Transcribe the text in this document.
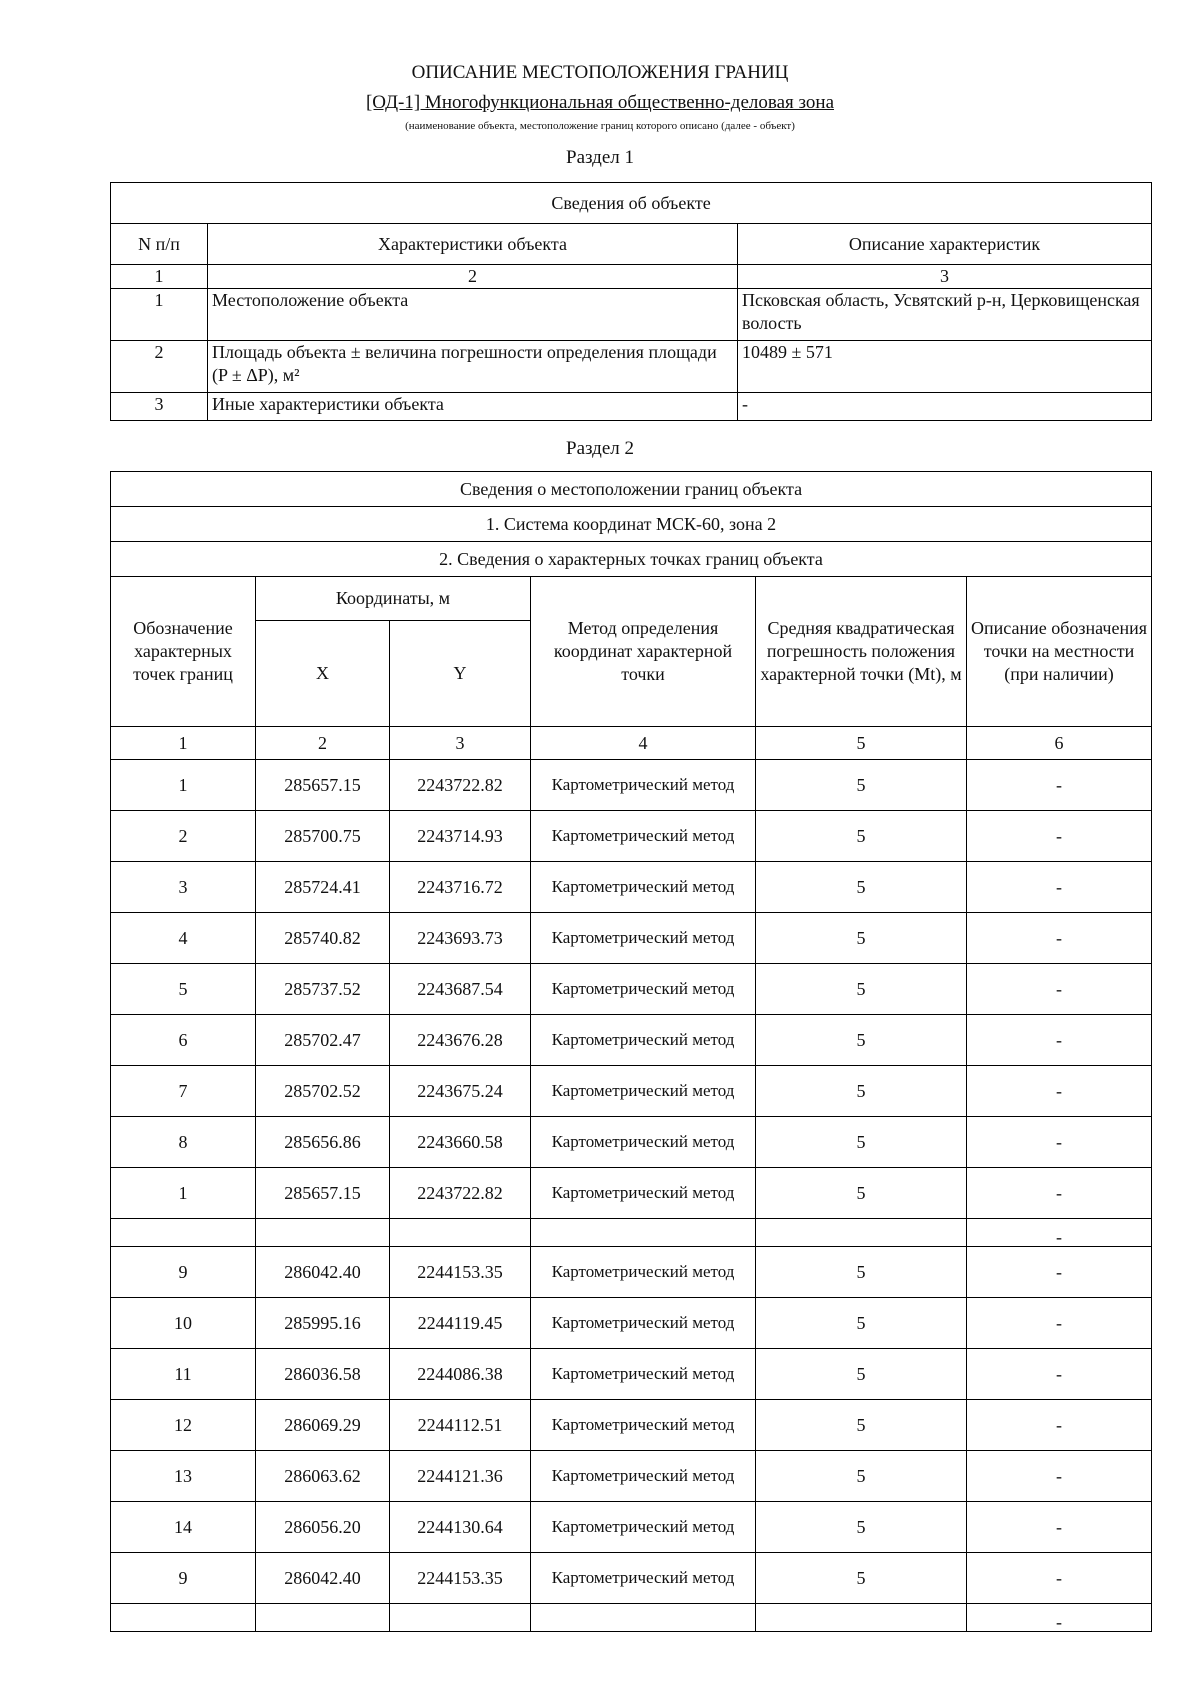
ОПИСАНИЕ МЕСТОПОЛОЖЕНИЯ ГРАНИЦ
[ОД-1] Многофункциональная общественно-деловая зона
(наименование объекта, местоположение границ которого описано (далее - объект)
Раздел 1
Сведения об объекте		
N п/п	Характеристики объекта	Описание характеристик
1	2	3
1	Местоположение объекта	Псковская область, Усвятский р-н, Церковищенская волость
2	Площадь объекта ± величина погрешности определения площади (P ± ΔP), м²	10489 ± 571
3	Иные характеристики объекта	-
Раздел 2
Сведения о местоположении границ объекта					
1. Система координат МСК-60, зона 2					
2. Сведения о характерных точках границ объекта					
Обозначение характерных точек границ	Координаты, м		Метод определения координат характерной точки	Средняя квадратическая погрешность положения характерной точки (Mt), м	Описание обозначения точки на местности (при наличии)
	X	Y			
1	2	3	4	5	6
1	285657.15	2243722.82	Картометрический метод	5	-
2	285700.75	2243714.93	Картометрический метод	5	-
3	285724.41	2243716.72	Картометрический метод	5	-
4	285740.82	2243693.73	Картометрический метод	5	-
5	285737.52	2243687.54	Картометрический метод	5	-
6	285702.47	2243676.28	Картометрический метод	5	-
7	285702.52	2243675.24	Картометрический метод	5	-
8	285656.86	2243660.58	Картометрический метод	5	-
1	285657.15	2243722.82	Картометрический метод	5	-
					-
9	286042.40	2244153.35	Картометрический метод	5	-
10	285995.16	2244119.45	Картометрический метод	5	-
11	286036.58	2244086.38	Картометрический метод	5	-
12	286069.29	2244112.51	Картометрический метод	5	-
13	286063.62	2244121.36	Картометрический метод	5	-
14	286056.20	2244130.64	Картометрический метод	5	-
9	286042.40	2244153.35	Картометрический метод	5	-
					-
